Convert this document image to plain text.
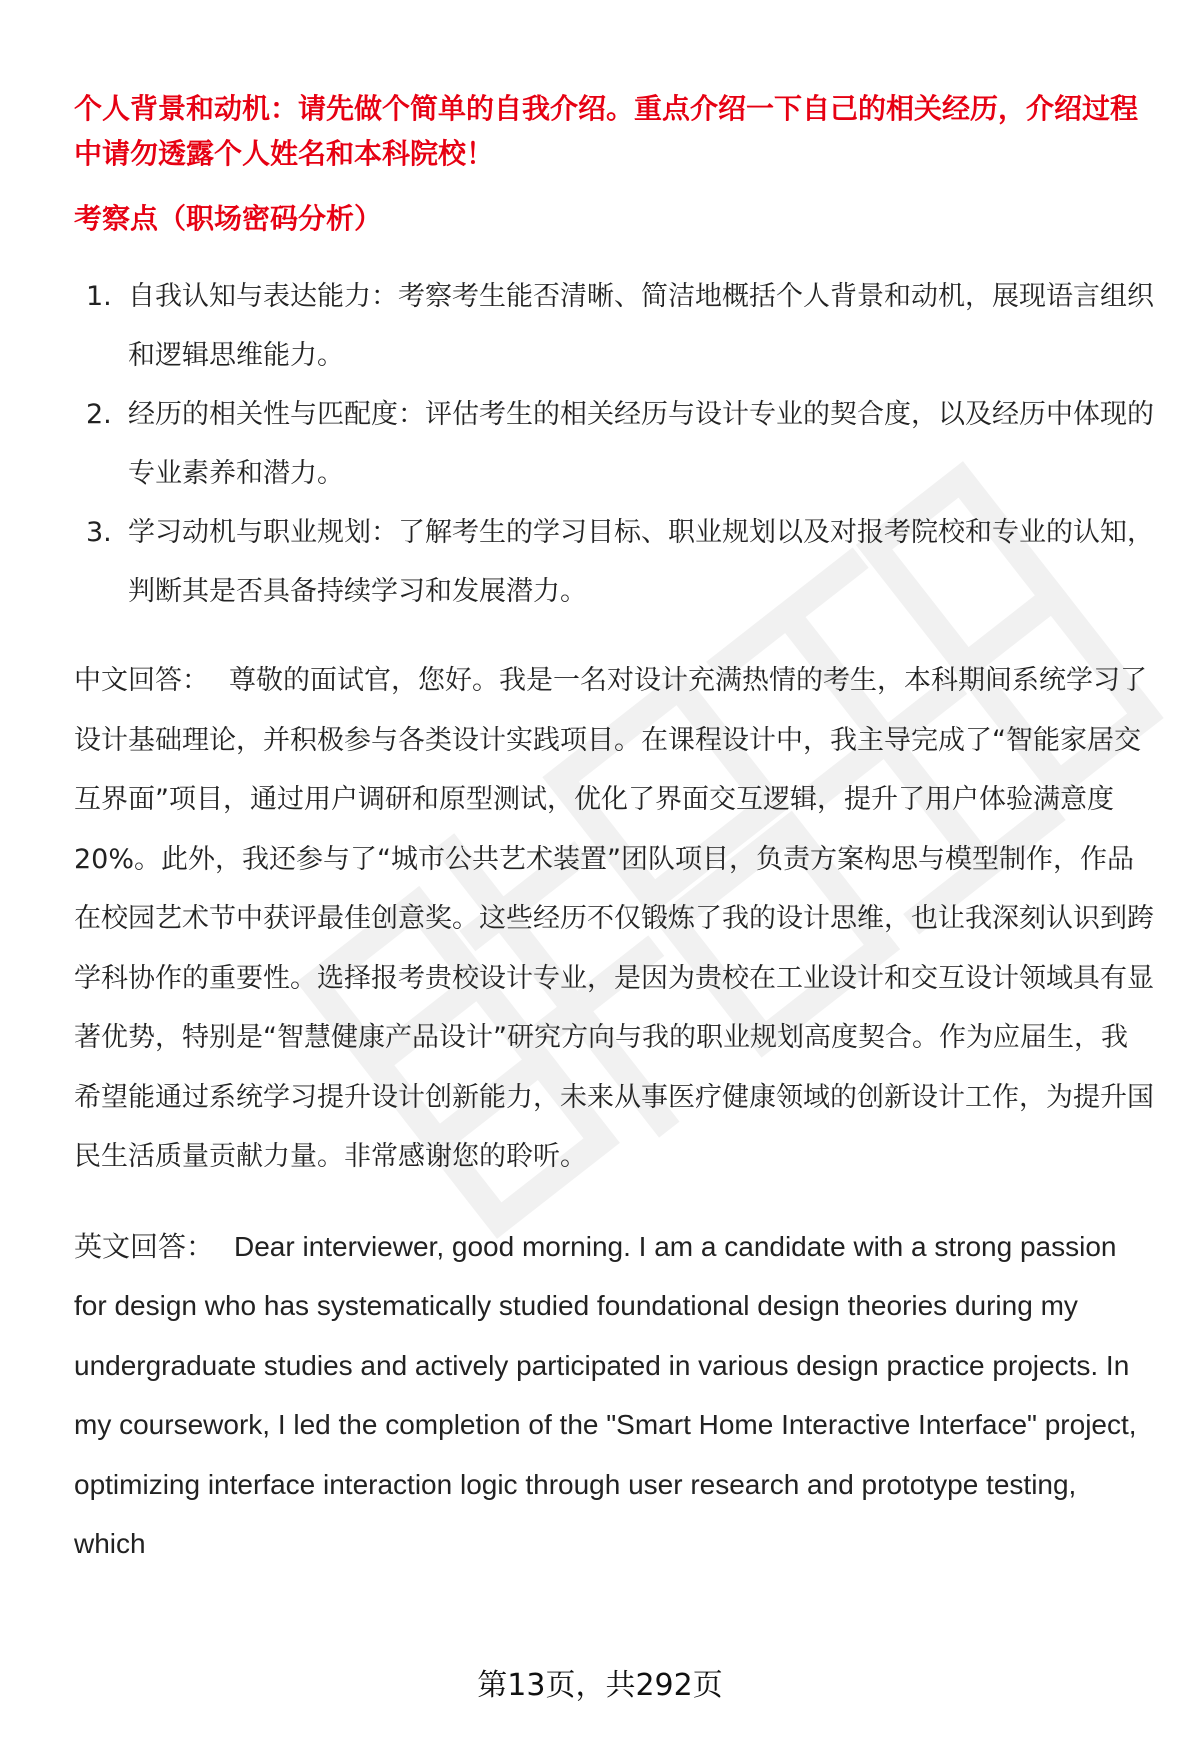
个人背景和动机：请先做个简单的自我介绍。重点介绍一下自己的相关经历，介绍过程中请勿透露个人姓名和本科院校！

考察点（职场密码分析）

1. 自我认知与表达能力：考察考生能否清晰、简洁地概括个人背景和动机，展现语言组织和逻辑思维能力。
2. 经历的相关性与匹配度：评估考生的相关经历与设计专业的契合度，以及经历中体现的专业素养和潜力。
3. 学习动机与职业规划：了解考生的学习目标、职业规划以及对报考院校和专业的认知，判断其是否具备持续学习和发展潜力。

中文回答： 尊敬的面试官，您好。我是一名对设计充满热情的考生，本科期间系统学习了设计基础理论，并积极参与各类设计实践项目。在课程设计中，我主导完成了“智能家居交互界面”项目，通过用户调研和原型测试，优化了界面交互逻辑，提升了用户体验满意度20%。此外，我还参与了“城市公共艺术装置”团队项目，负责方案构思与模型制作，作品在校园艺术节中获评最佳创意奖。这些经历不仅锻炼了我的设计思维，也让我深刻认识到跨学科协作的重要性。选择报考贵校设计专业，是因为贵校在工业设计和交互设计领域具有显著优势，特别是“智慧健康产品设计”研究方向与我的职业规划高度契合。作为应届生，我希望能通过系统学习提升设计创新能力，未来从事医疗健康领域的创新设计工作，为提升国民生活质量贡献力量。非常感谢您的聆听。

英文回答： Dear interviewer, good morning. I am a candidate with a strong passion for design who has systematically studied foundational design theories during my undergraduate studies and actively participated in various design practice projects. In my coursework, I led the completion of the "Smart Home Interactive Interface" project, optimizing interface interaction logic through user research and prototype testing, which

第13页，共292页
